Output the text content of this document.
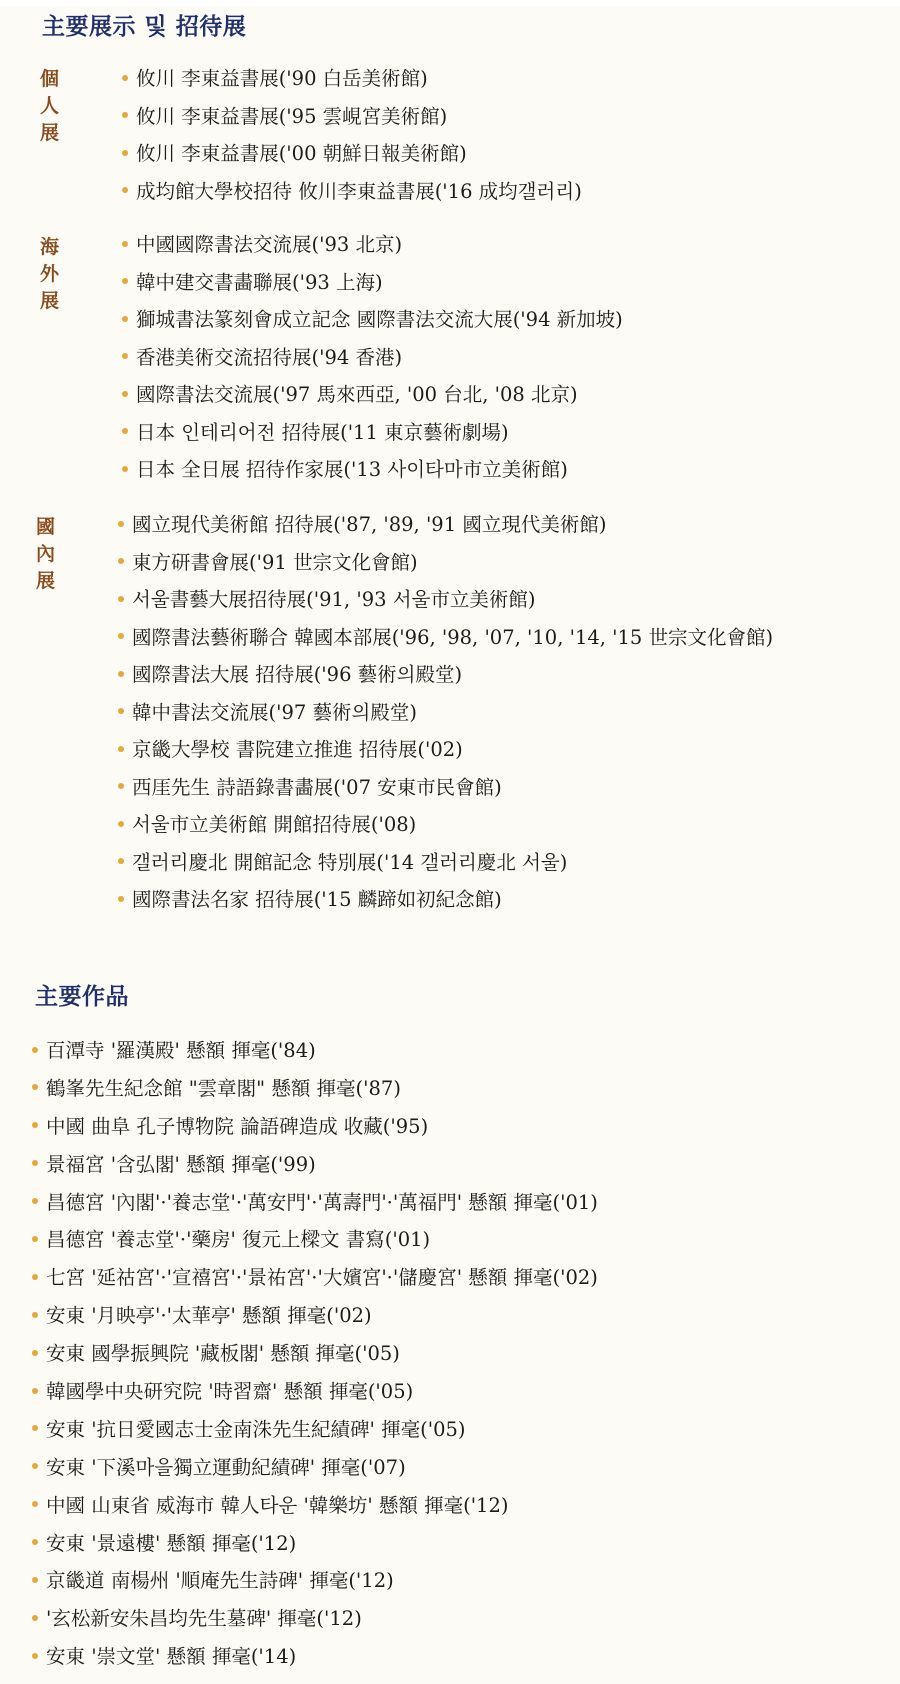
主要展示 및 招待展
個人展
攸川 李東益書展('90 白岳美術館)
攸川 李東益書展('95 雲峴宮美術館)
攸川 李東益書展('00 朝鮮日報美術館)
成均館大學校招待 攸川李東益書展('16 成均갤러리)
海外展
中國國際書法交流展('93 北京)
韓中建交書畵聯展('93 上海)
獅城書法篆刻會成立記念 國際書法交流大展('94 新加坡)
香港美術交流招待展('94 香港)
國際書法交流展('97 馬來西亞, '00 台北, '08 北京)
日本 인테리어전 招待展('11 東京藝術劇場)
日本 全日展 招待作家展('13 사이타마市立美術館)
國內展
國立現代美術館 招待展('87, '89, '91 國立現代美術館)
東方研書會展('91 世宗文化會館)
서울書藝大展招待展('91, '93 서울市立美術館)
國際書法藝術聯合 韓國本部展('96, '98, '07, '10, '14, '15 世宗文化會館)
國際書法大展 招待展('96 藝術의殿堂)
韓中書法交流展('97 藝術의殿堂)
京畿大學校 書院建立推進 招待展('02)
西厓先生 詩語錄書畵展('07 安東市民會館)
서울市立美術館 開館招待展('08)
갤러리慶北 開館記念 特別展('14 갤러리慶北 서울)
國際書法名家 招待展('15 麟蹄如初紀念館)
主要作品
百潭寺 '羅漢殿' 懸額 揮毫('84)
鶴峯先生紀念館 "雲章閣" 懸額 揮毫('87)
中國 曲阜 孔子博物院 論語碑造成 收藏('95)
景福宮 '含弘閣' 懸額 揮毫('99)
昌德宮 '內閣'·'養志堂'·'萬安門'·'萬壽門'·'萬福門' 懸額 揮毫('01)
昌德宮 '養志堂'·'藥房' 復元上樑文 書寫('01)
七宮 '延祜宮'·'宣禧宮'·'景祐宮'·'大嬪宮'·'儲慶宮' 懸額 揮毫('02)
安東 '月映亭'·'太華亭' 懸額 揮毫('02)
安東 國學振興院 '藏板閣' 懸額 揮毫('05)
韓國學中央研究院 '時習齋' 懸額 揮毫('05)
安東 '抗日愛國志士金南洙先生紀績碑' 揮毫('05)
安東 '下溪마을獨立運動紀績碑' 揮毫('07)
中國 山東省 威海市 韓人타운 '韓樂坊' 懸額 揮毫('12)
安東 '景遠樓' 懸額 揮毫('12)
京畿道 南楊州 '順庵先生詩碑' 揮毫('12)
'玄松新安朱昌均先生墓碑' 揮毫('12)
安東 '崇文堂' 懸額 揮毫('14)
